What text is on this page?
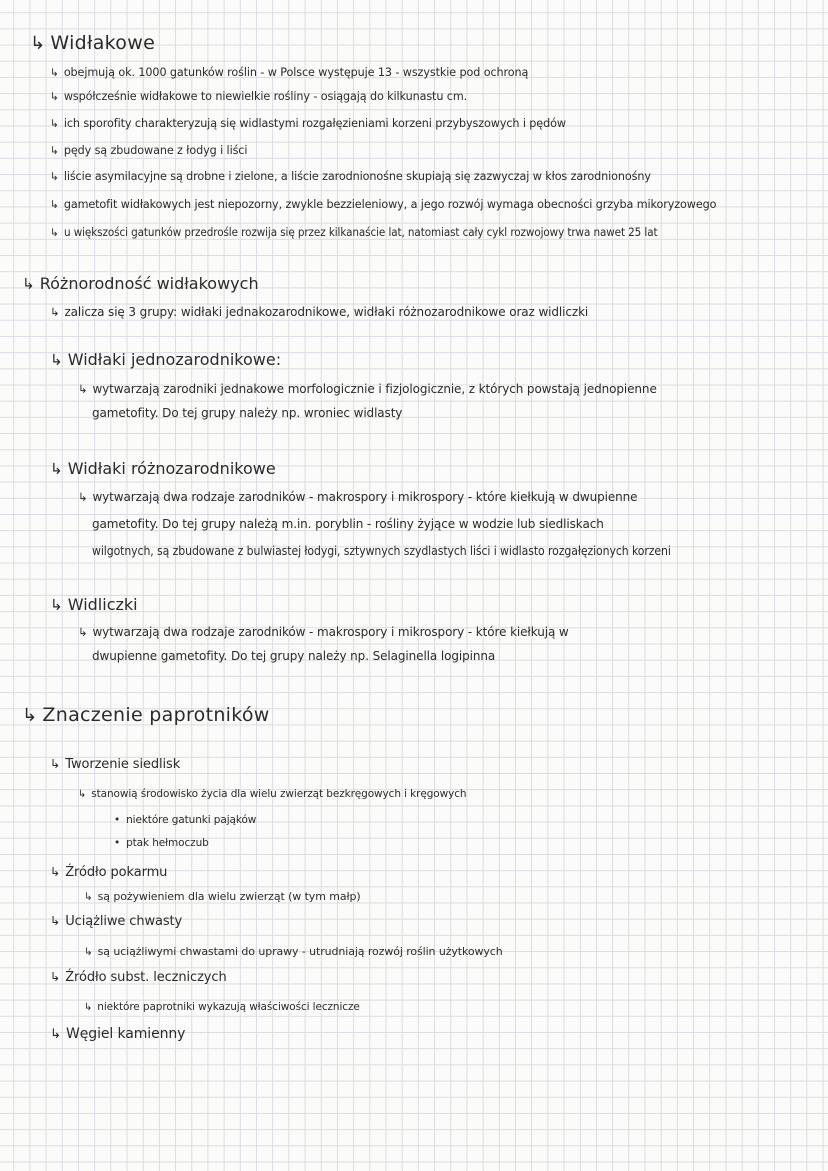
↳ Widłakowe
↳ obejmują ok. 1000 gatunków roślin - w Polsce występuje 13 - wszystkie pod ochroną
↳ współcześnie widłakowe to niewielkie rośliny - osiągają do kilkunastu cm.
↳ ich sporofity charakteryzują się widlastymi rozgałęzieniami korzeni przybyszowych i pędów
↳ pędy są zbudowane z łodyg i liści
↳ liście asymilacyjne są drobne i zielone, a liście zarodnionośne skupiają się zazwyczaj w kłos zarodnionośny
↳ gametofit widłakowych jest niepozorny, zwykle bezzieleniowy, a jego rozwój wymaga obecności grzyba mikoryzowego
↳ u większości gatunków przedrośle rozwija się przez kilkanaście lat, natomiast cały cykl rozwojowy trwa nawet 25 lat
↳ Różnorodność widłakowych
↳ zalicza się 3 grupy: widłaki jednakozarodnikowe, widłaki różnozarodnikowe oraz widliczki
↳ Widłaki jednozarodnikowe:
↳ wytwarzają zarodniki jednakowe morfologicznie i fizjologicznie, z których powstają jednopienne
gametofity. Do tej grupy należy np. wroniec widlasty
↳ Widłaki różnozarodnikowe
↳ wytwarzają dwa rodzaje zarodników - makrospory i mikrospory - które kiełkują w dwupienne
gametofity. Do tej grupy należą m.in. poryblin - rośliny żyjące w wodzie lub siedliskach
wilgotnych, są zbudowane z bulwiastej łodygi, sztywnych szydlastych liści i widlasto rozgałęzionych korzeni
↳ Widliczki
↳ wytwarzają dwa rodzaje zarodników - makrospory i mikrospory - które kiełkują w
dwupienne gametofity. Do tej grupy należy np. Selaginella logipinna
↳ Znaczenie paprotników
↳ Tworzenie siedlisk
↳ stanowią środowisko życia dla wielu zwierząt bezkręgowych i kręgowych
• niektóre gatunki pająków
• ptak hełmoczub
↳ Źródło pokarmu
↳ są pożywieniem dla wielu zwierząt (w tym małp)
↳ Uciążliwe chwasty
↳ są uciążliwymi chwastami do uprawy - utrudniają rozwój roślin użytkowych
↳ Źródło subst. leczniczych
↳ niektóre paprotniki wykazują właściwości lecznicze
↳ Węgiel kamienny
